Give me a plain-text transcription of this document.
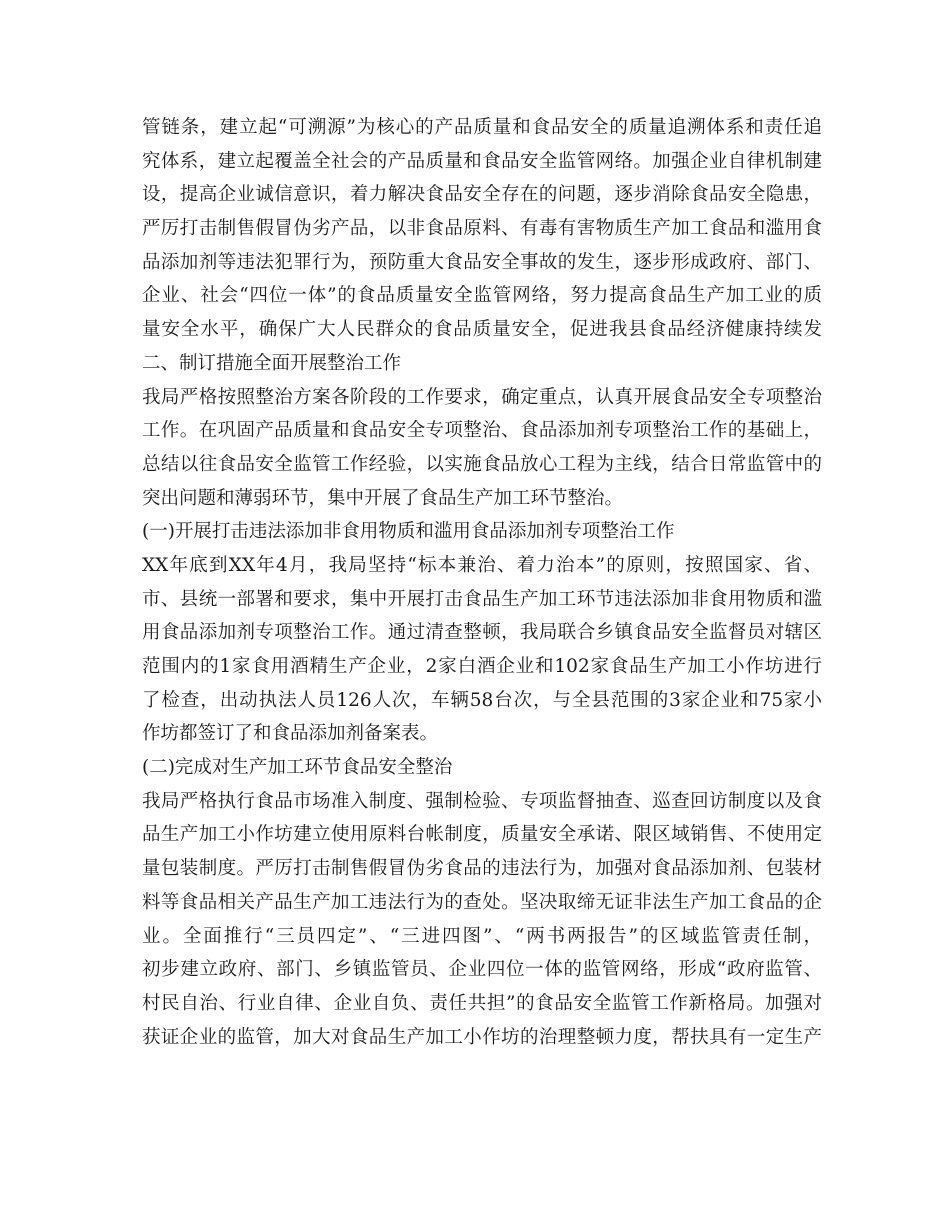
管链条，建立起“可溯源”为核心的产品质量和食品安全的质量追溯体系和责任追
究体系，建立起覆盖全社会的产品质量和食品安全监管网络。加强企业自律机制建
设，提高企业诚信意识，着力解决食品安全存在的问题，逐步消除食品安全隐患，
严厉打击制售假冒伪劣产品，以非食品原料、有毒有害物质生产加工食品和滥用食
品添加剂等违法犯罪行为，预防重大食品安全事故的发生，逐步形成政府、部门、
企业、社会“四位一体”的食品质量安全监管网络，努力提高食品生产加工业的质
量安全水平，确保广大人民群众的食品质量安全，促进我县食品经济健康持续发
二、制订措施全面开展整治工作
我局严格按照整治方案各阶段的工作要求，确定重点，认真开展食品安全专项整治
工作。在巩固产品质量和食品安全专项整治、食品添加剂专项整治工作的基础上，
总结以往食品安全监管工作经验，以实施食品放心工程为主线，结合日常监管中的
突出问题和薄弱环节，集中开展了食品生产加工环节整治。
(一)开展打击违法添加非食用物质和滥用食品添加剂专项整治工作
XX年底到XX年4月，我局坚持“标本兼治、着力治本”的原则，按照国家、省、
市、县统一部署和要求，集中开展打击食品生产加工环节违法添加非食用物质和滥
用食品添加剂专项整治工作。通过清查整顿，我局联合乡镇食品安全监督员对辖区
范围内的1家食用酒精生产企业，2家白酒企业和102家食品生产加工小作坊进行
了检查，出动执法人员126人次，车辆58台次，与全县范围的3家企业和75家小
作坊都签订了和食品添加剂备案表。
(二)完成对生产加工环节食品安全整治
我局严格执行食品市场准入制度、强制检验、专项监督抽查、巡查回访制度以及食
品生产加工小作坊建立使用原料台帐制度，质量安全承诺、限区域销售、不使用定
量包装制度。严厉打击制售假冒伪劣食品的违法行为，加强对食品添加剂、包装材
料等食品相关产品生产加工违法行为的查处。坚决取缔无证非法生产加工食品的企
业。全面推行“三员四定”、“三进四图”、“两书两报告”的区域监管责任制，
初步建立政府、部门、乡镇监管员、企业四位一体的监管网络，形成“政府监管、
村民自治、行业自律、企业自负、责任共担”的食品安全监管工作新格局。加强对
获证企业的监管，加大对食品生产加工小作坊的治理整顿力度，帮扶具有一定生产
